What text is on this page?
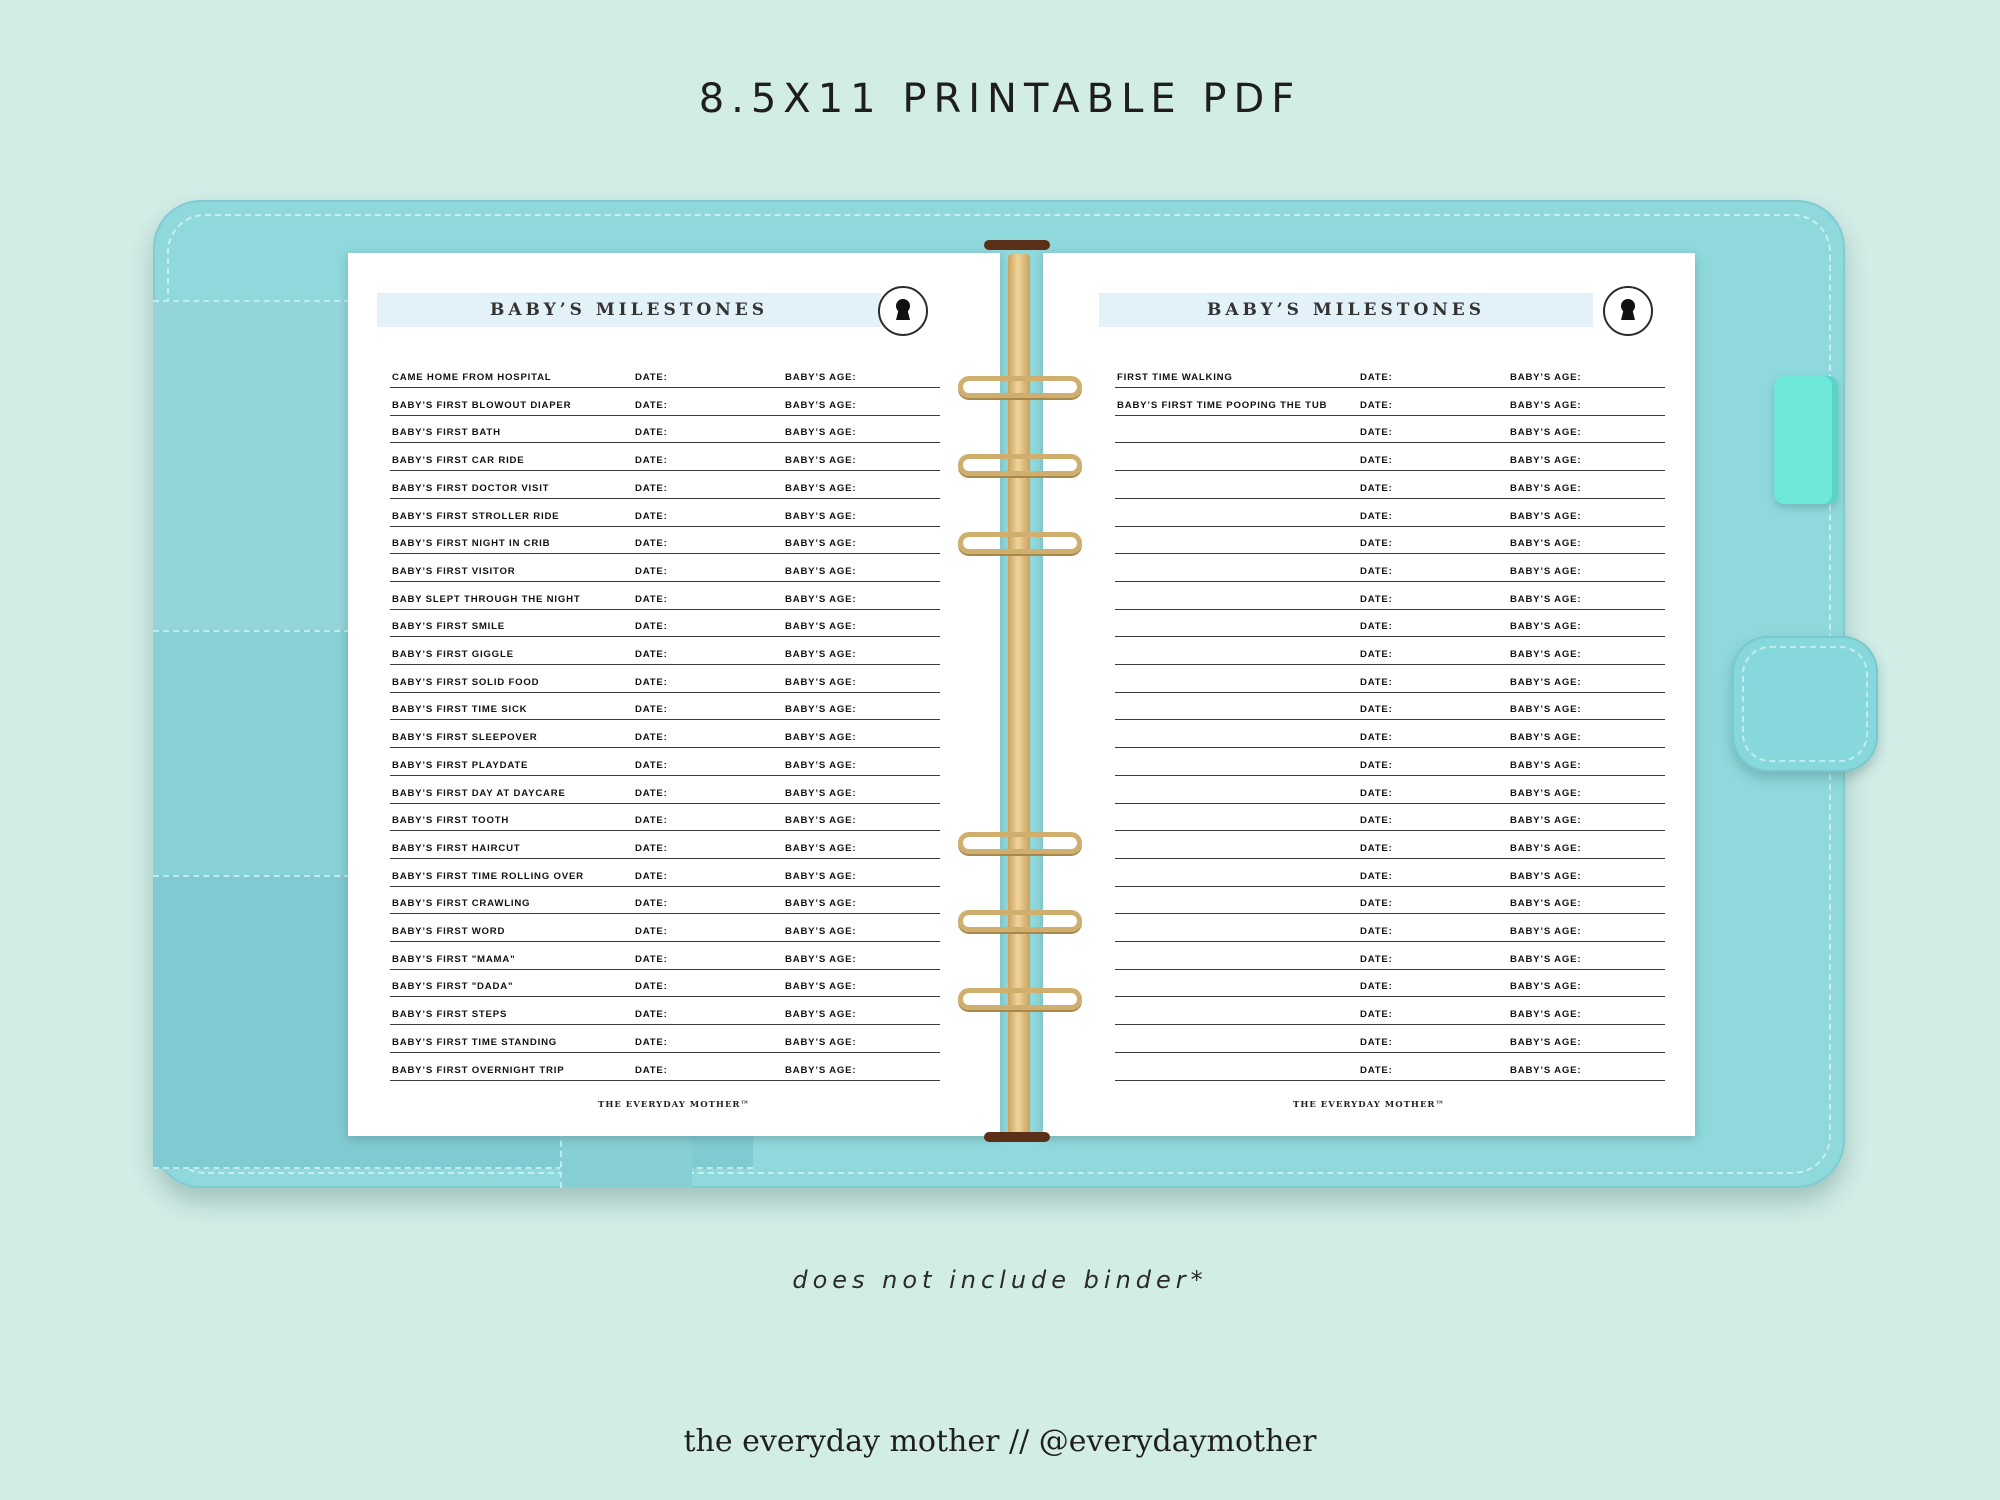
8.5X11 PRINTABLE PDF
BABY’S MILESTONES
CAME HOME FROM HOSPITAL	DATE:	BABY’S AGE:
BABY’S FIRST BLOWOUT DIAPER	DATE:	BABY’S AGE:
BABY’S FIRST BATH	DATE:	BABY’S AGE:
BABY’S FIRST CAR RIDE	DATE:	BABY’S AGE:
BABY’S FIRST DOCTOR VISIT	DATE:	BABY’S AGE:
BABY’S FIRST STROLLER RIDE	DATE:	BABY’S AGE:
BABY’S FIRST NIGHT IN CRIB	DATE:	BABY’S AGE:
BABY’S FIRST VISITOR	DATE:	BABY’S AGE:
BABY SLEPT THROUGH THE NIGHT	DATE:	BABY’S AGE:
BABY’S FIRST SMILE	DATE:	BABY’S AGE:
BABY’S FIRST GIGGLE	DATE:	BABY’S AGE:
BABY’S FIRST SOLID FOOD	DATE:	BABY’S AGE:
BABY’S FIRST TIME SICK	DATE:	BABY’S AGE:
BABY’S FIRST SLEEPOVER	DATE:	BABY’S AGE:
BABY’S FIRST PLAYDATE	DATE:	BABY’S AGE:
BABY’S FIRST DAY AT DAYCARE	DATE:	BABY’S AGE:
BABY’S FIRST TOOTH	DATE:	BABY’S AGE:
BABY’S FIRST HAIRCUT	DATE:	BABY’S AGE:
BABY’S FIRST TIME ROLLING OVER	DATE:	BABY’S AGE:
BABY’S FIRST CRAWLING	DATE:	BABY’S AGE:
BABY’S FIRST WORD	DATE:	BABY’S AGE:
BABY’S FIRST "MAMA"	DATE:	BABY’S AGE:
BABY’S FIRST "DADA"	DATE:	BABY’S AGE:
BABY’S FIRST STEPS	DATE:	BABY’S AGE:
BABY’S FIRST TIME STANDING	DATE:	BABY’S AGE:
BABY’S FIRST OVERNIGHT TRIP	DATE:	BABY’S AGE:
THE EVERYDAY MOTHER™
BABY’S MILESTONES
FIRST TIME WALKING	DATE:	BABY’S AGE:
BABY’S FIRST TIME POOPING THE TUB	DATE:	BABY’S AGE:
DATE:	BABY’S AGE:
DATE:	BABY’S AGE:
DATE:	BABY’S AGE:
DATE:	BABY’S AGE:
DATE:	BABY’S AGE:
DATE:	BABY’S AGE:
DATE:	BABY’S AGE:
DATE:	BABY’S AGE:
DATE:	BABY’S AGE:
DATE:	BABY’S AGE:
DATE:	BABY’S AGE:
DATE:	BABY’S AGE:
DATE:	BABY’S AGE:
DATE:	BABY’S AGE:
DATE:	BABY’S AGE:
DATE:	BABY’S AGE:
DATE:	BABY’S AGE:
DATE:	BABY’S AGE:
DATE:	BABY’S AGE:
DATE:	BABY’S AGE:
DATE:	BABY’S AGE:
DATE:	BABY’S AGE:
DATE:	BABY’S AGE:
DATE:	BABY’S AGE:
THE EVERYDAY MOTHER™
does not include binder*
the everyday mother // @everydaymother
